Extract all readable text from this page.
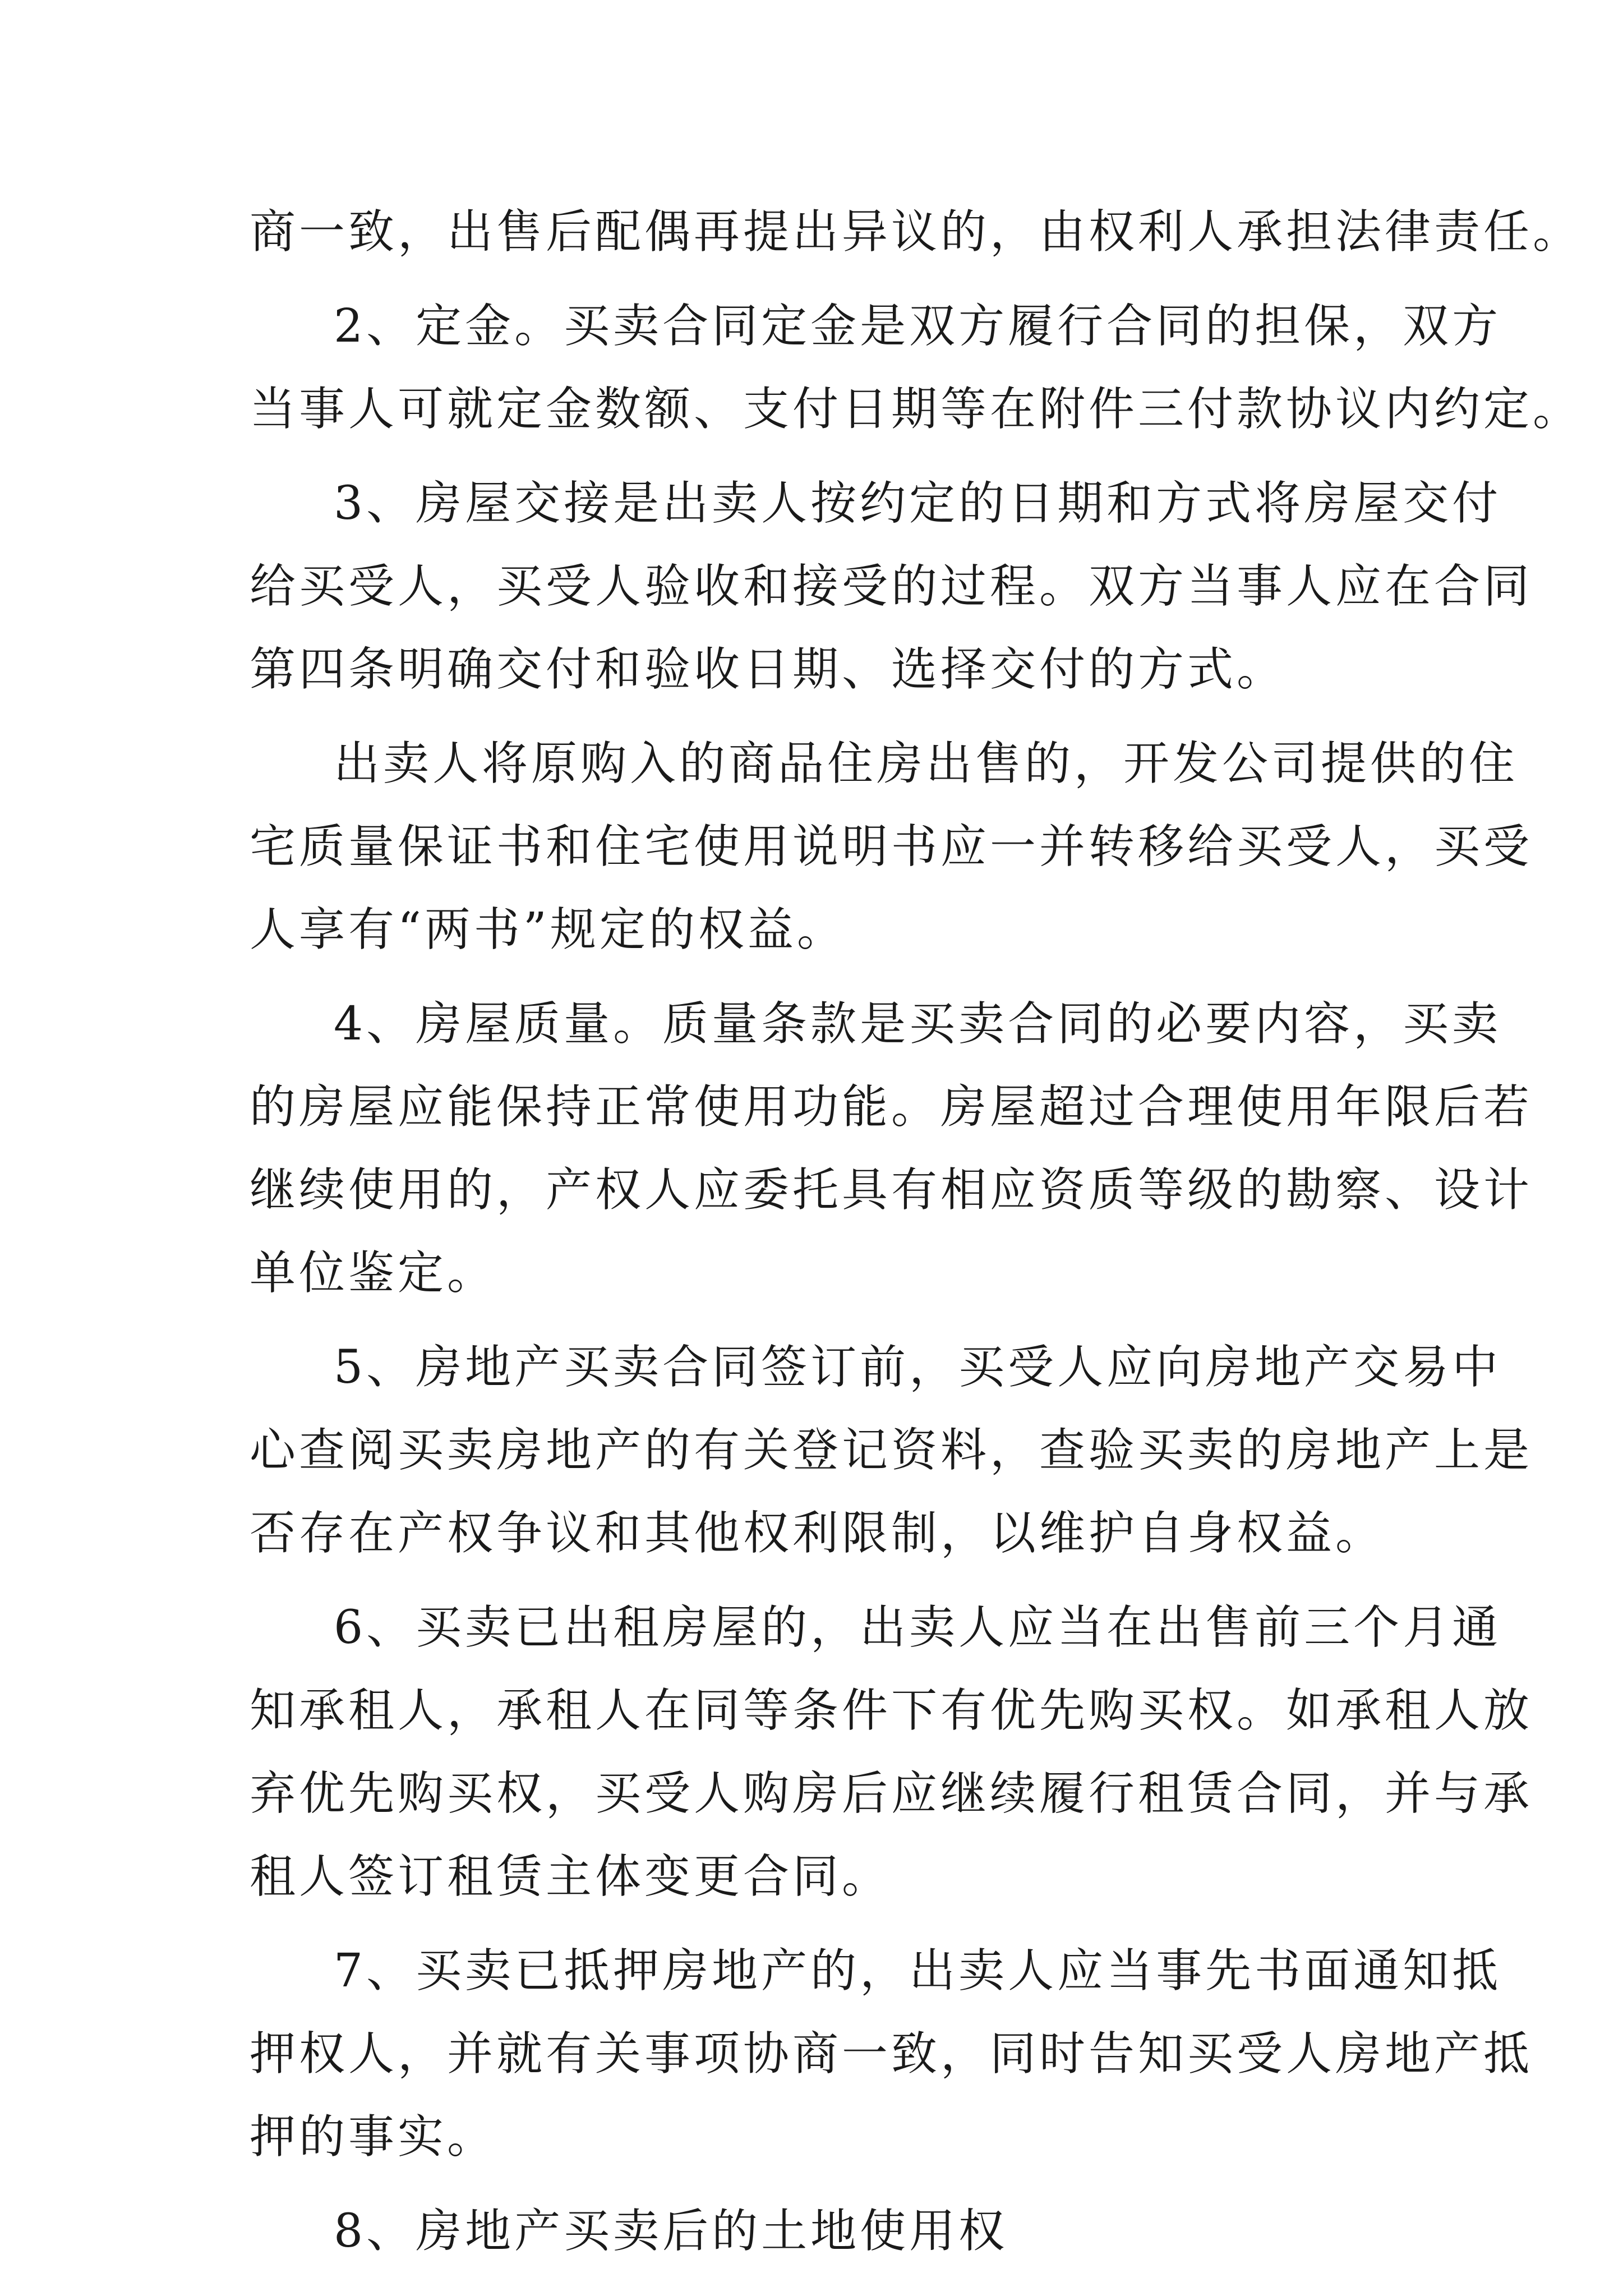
商一致，出售后配偶再提出异议的，由权利人承担法律责任。
2、定金。买卖合同定金是双方履行合同的担保，双方
当事人可就定金数额、支付日期等在附件三付款协议内约定。
3、房屋交接是出卖人按约定的日期和方式将房屋交付
给买受人，买受人验收和接受的过程。双方当事人应在合同
第四条明确交付和验收日期、选择交付的方式。
出卖人将原购入的商品住房出售的，开发公司提供的住
宅质量保证书和住宅使用说明书应一并转移给买受人，买受
人享有“两书”规定的权益。
4、房屋质量。质量条款是买卖合同的必要内容，买卖
的房屋应能保持正常使用功能。房屋超过合理使用年限后若
继续使用的，产权人应委托具有相应资质等级的勘察、设计
单位鉴定。
5、房地产买卖合同签订前，买受人应向房地产交易中
心查阅买卖房地产的有关登记资料，查验买卖的房地产上是
否存在产权争议和其他权利限制，以维护自身权益。
6、买卖已出租房屋的，出卖人应当在出售前三个月通
知承租人，承租人在同等条件下有优先购买权。如承租人放
弃优先购买权，买受人购房后应继续履行租赁合同，并与承
租人签订租赁主体变更合同。
7、买卖已抵押房地产的，出卖人应当事先书面通知抵
押权人，并就有关事项协商一致，同时告知买受人房地产抵
押的事实。
8、房地产买卖后的土地使用权
